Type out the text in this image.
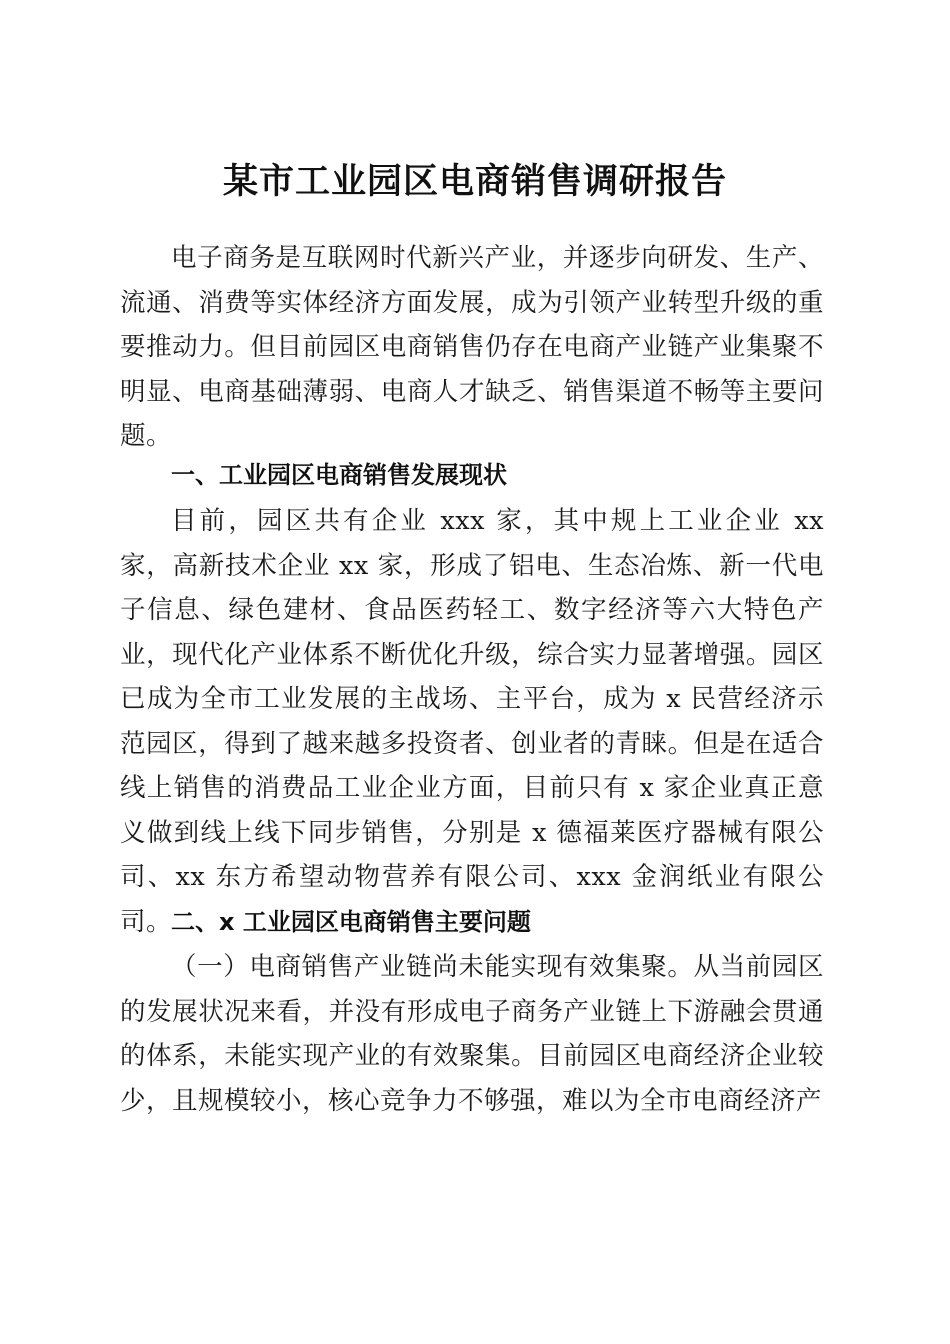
某市工业园区电商销售调研报告

电子商务是互联网时代新兴产业，并逐步向研发、生产、流通、消费等实体经济方面发展，成为引领产业转型升级的重要推动力。但目前园区电商销售仍存在电商产业链产业集聚不明显、电商基础薄弱、电商人才缺乏、销售渠道不畅等主要问题。

一、工业园区电商销售发展现状

目前，园区共有企业 xxx 家，其中规上工业企业 xx 家，高新技术企业 xx 家，形成了铝电、生态冶炼、新一代电子信息、绿色建材、食品医药轻工、数字经济等六大特色产业，现代化产业体系不断优化升级，综合实力显著增强。园区已成为全市工业发展的主战场、主平台，成为 x 民营经济示范园区，得到了越来越多投资者、创业者的青睐。但是在适合线上销售的消费品工业企业方面，目前只有 x 家企业真正意义做到线上线下同步销售，分别是 x 德福莱医疗器械有限公司、xx 东方希望动物营养有限公司、xxx 金润纸业有限公司。

二、x 工业园区电商销售主要问题

（一）电商销售产业链尚未能实现有效集聚。从当前园区的发展状况来看，并没有形成电子商务产业链上下游融会贯通的体系，未能实现产业的有效聚集。目前园区电商经济企业较少，且规模较小，核心竞争力不够强，难以为全市电商经济产
